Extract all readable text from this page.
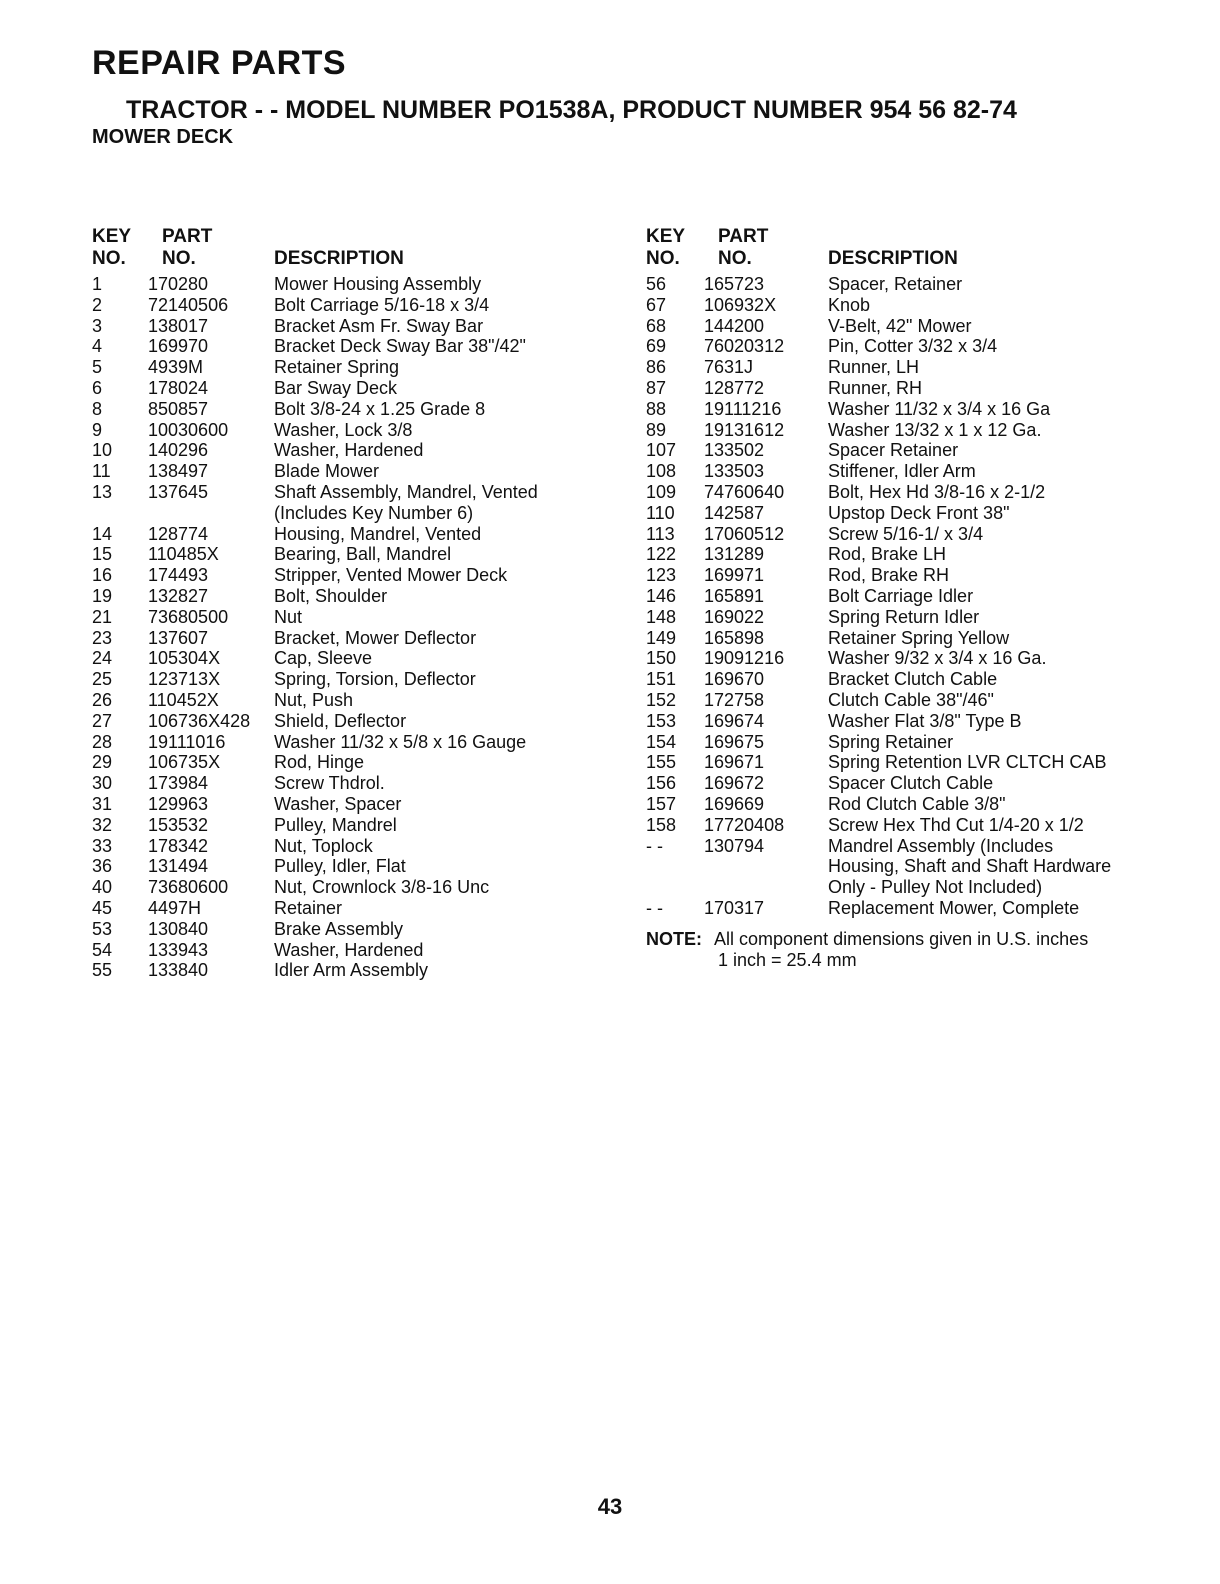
REPAIR PARTS
TRACTOR - - MODEL NUMBER PO1538A, PRODUCT NUMBER 954 56 82-74
MOWER DECK
KEY
NO.
PART
NO.	DESCRIPTION
1	170280	Mower Housing Assembly
2	72140506	Bolt Carriage 5/16-18 x 3/4
3	138017	Bracket Asm Fr. Sway Bar
4	169970	Bracket Deck Sway Bar 38"/42"
5	4939M	Retainer Spring
6	178024	Bar Sway Deck
8	850857	Bolt 3/8-24 x 1.25 Grade 8
9	10030600	Washer, Lock 3/8
10 140296	Washer, Hardened
11 138497	Blade Mower
13 137645	Shaft Assembly, Mandrel, Vented
(Includes Key Number 6)
14 128774	Housing, Mandrel, Vented
15 110485X	Bearing, Ball, Mandrel
16 174493	Stripper, Vented Mower Deck
19 132827	Bolt, Shoulder
21 73680500	Nut
23 137607	Bracket, Mower Deflector
24 105304X	Cap, Sleeve
25 123713X	Spring, Torsion, Deflector
26 110452X	Nut, Push
27 106736X428 Shield, Deflector
28 19111016	Washer 11/32 x 5/8 x 16 Gauge
29 106735X	Rod, Hinge
30 173984	Screw Thdrol.
31 129963	Washer, Spacer
32 153532	Pulley, Mandrel
33 178342	Nut, Toplock
36 131494	Pulley, Idler, Flat
40 73680600	Nut, Crownlock 3/8-16 Unc
45 4497H	Retainer
53 130840	Brake Assembly
54 133943	Washer, Hardened
55 133840	Idler Arm Assembly
KEY
NO.
PART
NO.	DESCRIPTION
56 165723	Spacer, Retainer
67 106932X	Knob
68 144200	V-Belt, 42" Mower
69 76020312 Pin, Cotter 3/32 x 3/4
86 7631J	Runner, LH
87 128772	Runner, RH
88 19111216	Washer 11/32 x 3/4 x 16 Ga
89 19131612 Washer 13/32 x 1 x 12 Ga.
107 133502	Spacer Retainer
108 133503	Stiffener, Idler Arm
109 74760640 Bolt, Hex Hd 3/8-16 x 2-1/2
110 142587	Upstop Deck Front 38"
113 17060512 Screw 5/16-1/ x 3/4
122 131289	Rod, Brake LH
123 169971	Rod, Brake RH
146 165891	Bolt Carriage Idler
148 169022	Spring Return Idler
149 165898	Retainer Spring Yellow
150 19091216 Washer 9/32 x 3/4 x 16 Ga.
151 169670	Bracket Clutch Cable
152 172758	Clutch Cable 38"/46"
153 169674	Washer Flat 3/8" Type B
154 169675	Spring Retainer
155 169671	Spring Retention LVR CLTCH CAB
156 169672	Spacer Clutch Cable
157 169669	Rod Clutch Cable 3/8"
158 17720408 Screw Hex Thd Cut 1/4-20 x 1/2
- - 130794	Mandrel Assembly (Includes
Housing, Shaft and Shaft Hardware
Only - Pulley Not Included)
- - 170317	Replacement Mower, Complete
NOTE: All component dimensions given in U.S. inches
1 inch = 25.4 mm
43
